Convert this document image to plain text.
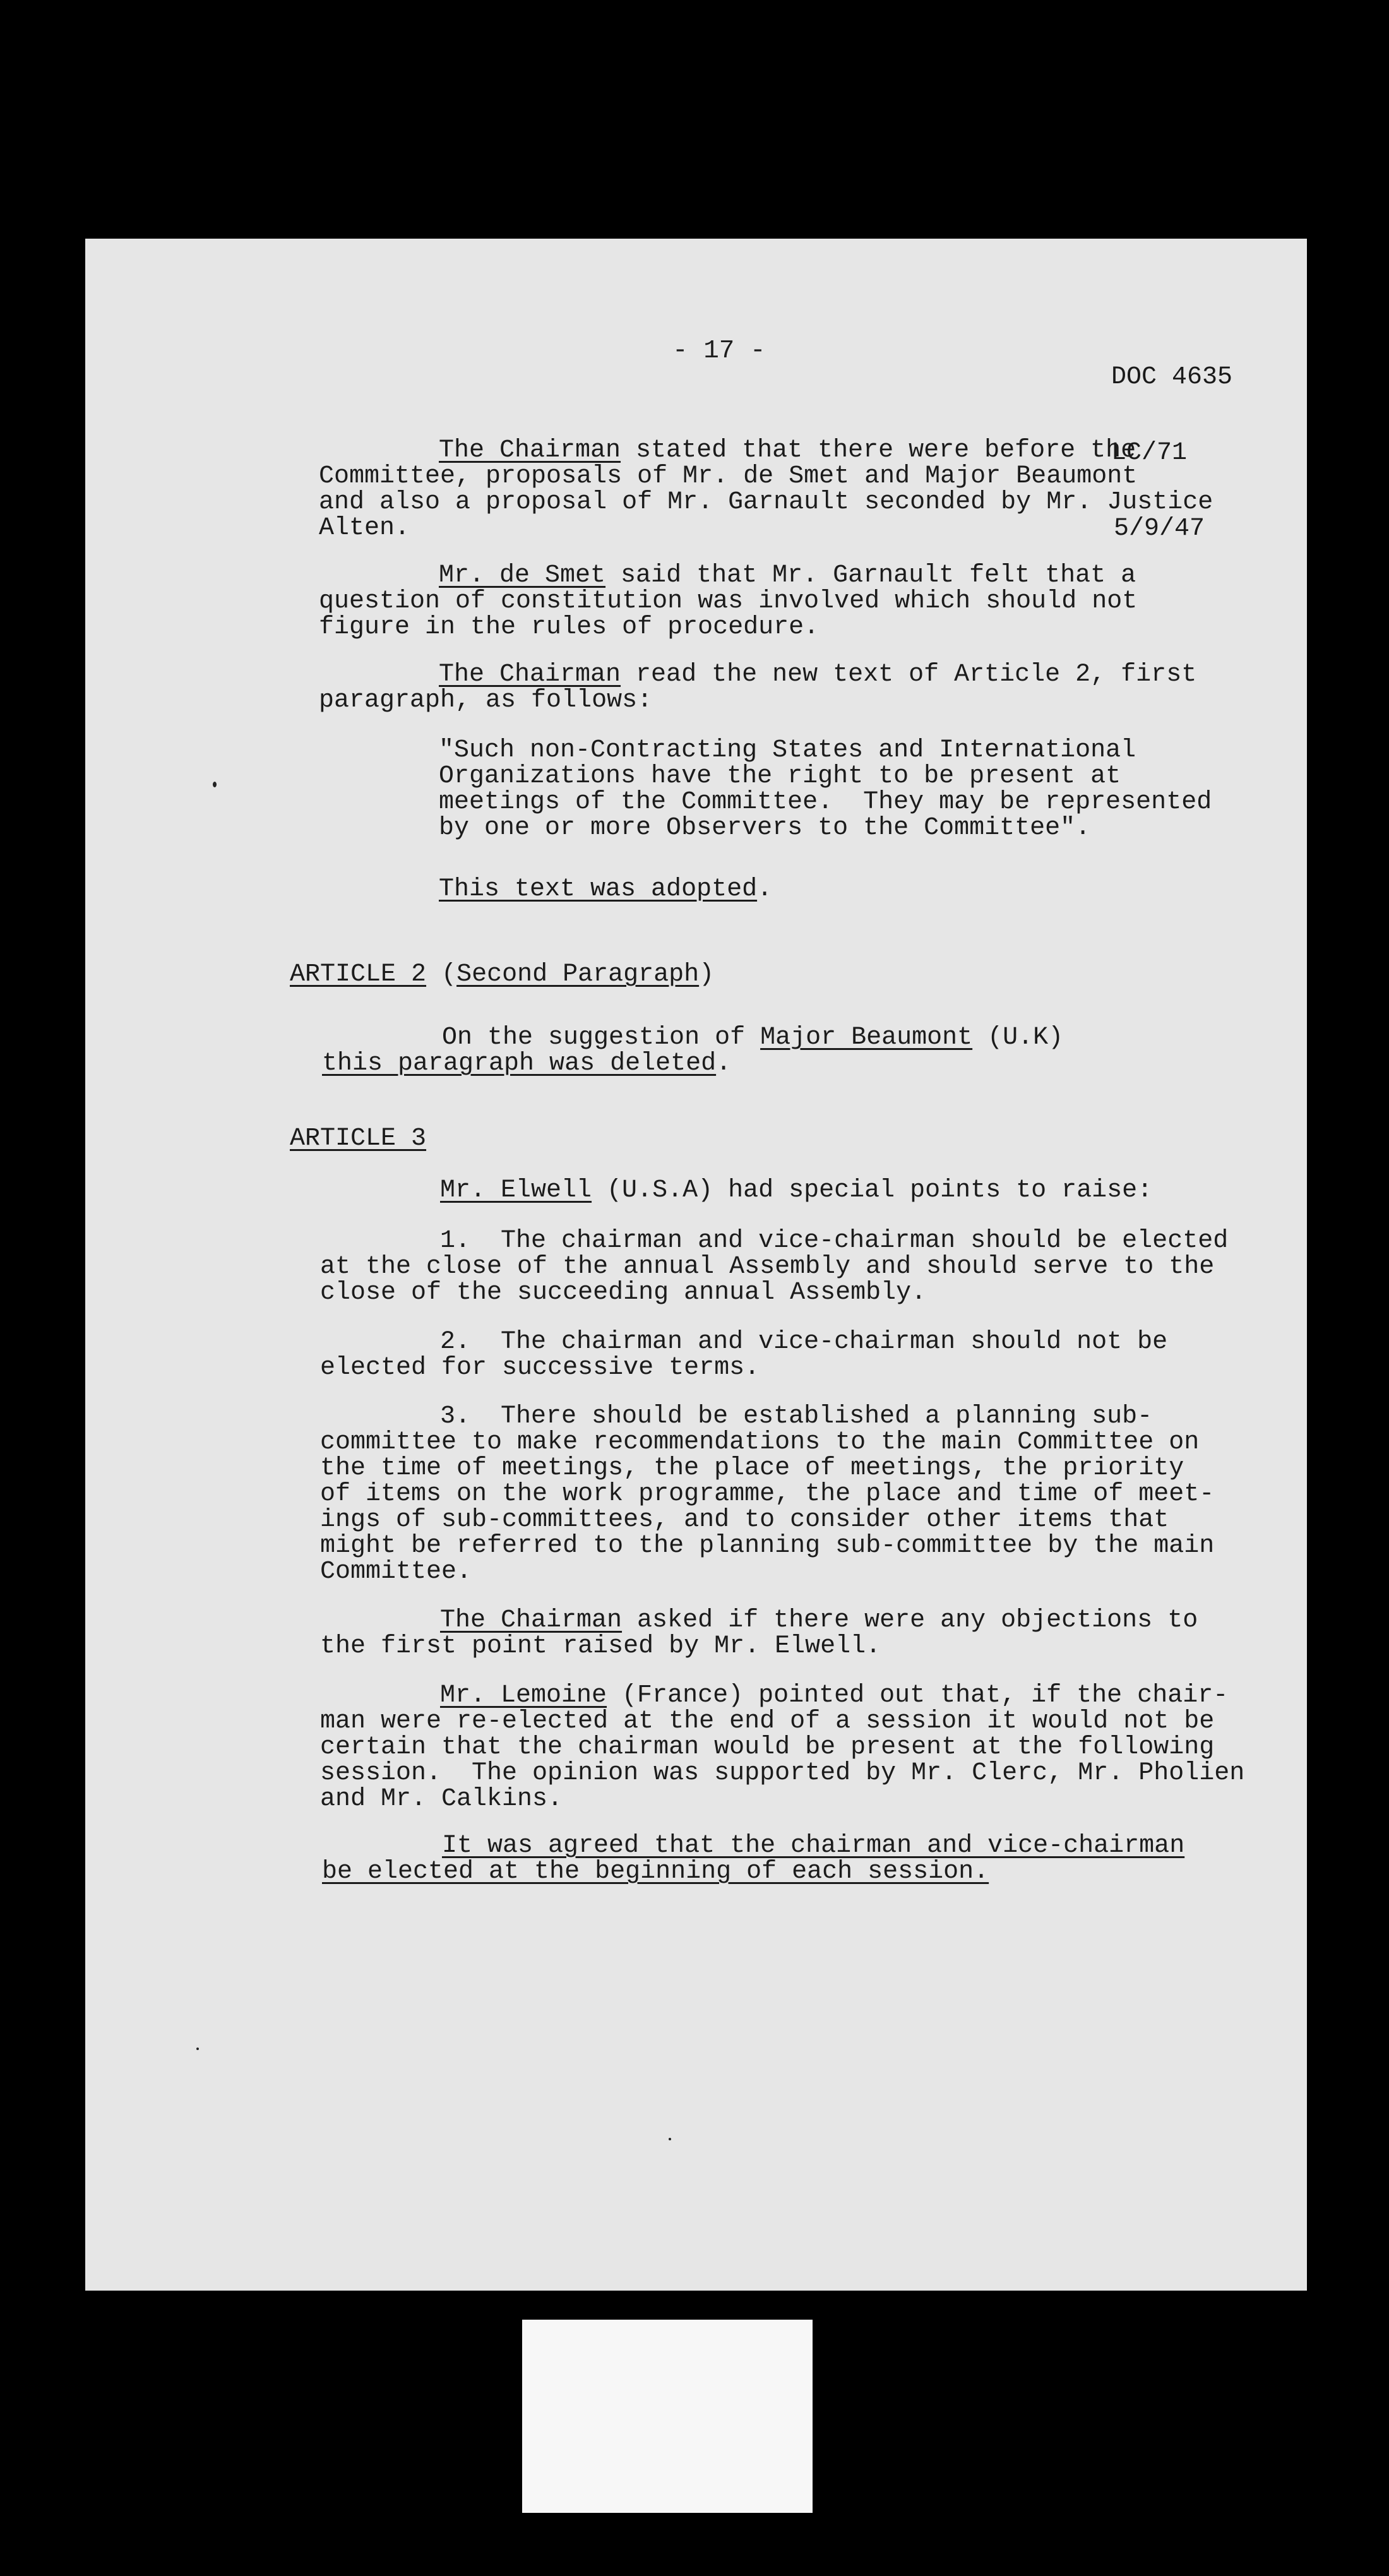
- 17 -

DOC 4635

LC/71

5/9/47

The Chairman stated that there were before the
Committee, proposals of Mr. de Smet and Major Beaumont
and also a proposal of Mr. Garnault seconded by Mr. Justice
Alten.
Mr. de Smet said that Mr. Garnault felt that a
question of constitution was involved which should not
figure in the rules of procedure.
The Chairman read the new text of Article 2, first
paragraph, as follows:
"Such non-Contracting States and International
Organizations have the right to be present at
meetings of the Committee.  They may be represented
by one or more Observers to the Committee".
This text was adopted.
ARTICLE 2 (Second Paragraph)
On the suggestion of Major Beaumont (U.K)
this paragraph was deleted.
ARTICLE 3
Mr. Elwell (U.S.A) had special points to raise:
1.  The chairman and vice-chairman should be elected
at the close of the annual Assembly and should serve to the
close of the succeeding annual Assembly.
2.  The chairman and vice-chairman should not be
elected for successive terms.
3.  There should be established a planning sub-
committee to make recommendations to the main Committee on
the time of meetings, the place of meetings, the priority
of items on the work programme, the place and time of meet-
ings of sub-committees, and to consider other items that
might be referred to the planning sub-committee by the main
Committee.
The Chairman asked if there were any objections to
the first point raised by Mr. Elwell.
Mr. Lemoine (France) pointed out that, if the chair-
man were re-elected at the end of a session it would not be
certain that the chairman would be present at the following
session.  The opinion was supported by Mr. Clerc, Mr. Pholien
and Mr. Calkins.
It was agreed that the chairman and vice-chairman
be elected at the beginning of each session.
